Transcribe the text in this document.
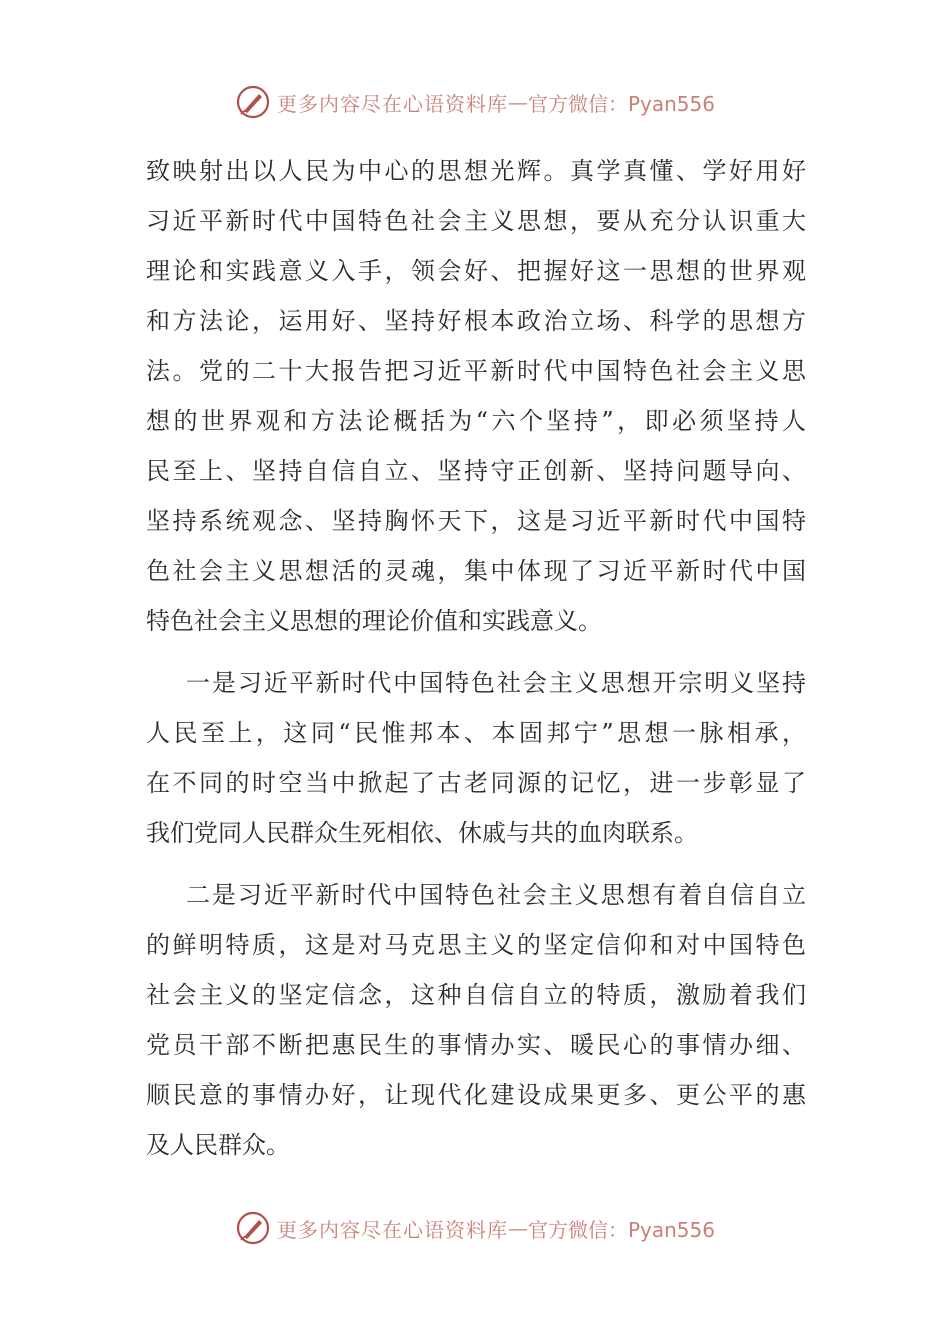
更多内容尽在心语资料库 — 官方微信：Pyan556
致映射出以人民为中心的思想光辉。真学真懂、学好用好
习近平新时代中国特色社会主义思想，要从充分认识重大
理论和实践意义入手，领会好、把握好这一思想的世界观
和方法论，运用好、坚持好根本政治立场、科学的思想方
法。党的二十大报告把习近平新时代中国特色社会主义思
想的世界观和方法论概括为“六个坚持”，即必须坚持人
民至上、坚持自信自立、坚持守正创新、坚持问题导向、
坚持系统观念、坚持胸怀天下，这是习近平新时代中国特
色社会主义思想活的灵魂，集中体现了习近平新时代中国
特色社会主义思想的理论价值和实践意义。
一是习近平新时代中国特色社会主义思想开宗明义坚持
人民至上，这同“民惟邦本、本固邦宁”思想一脉相承，
在不同的时空当中掀起了古老同源的记忆，进一步彰显了
我们党同人民群众生死相依、休戚与共的血肉联系。
二是习近平新时代中国特色社会主义思想有着自信自立
的鲜明特质，这是对马克思主义的坚定信仰和对中国特色
社会主义的坚定信念，这种自信自立的特质，激励着我们
党员干部不断把惠民生的事情办实、暖民心的事情办细、
顺民意的事情办好，让现代化建设成果更多、更公平的惠
及人民群众。
更多内容尽在心语资料库 — 官方微信：Pyan556
